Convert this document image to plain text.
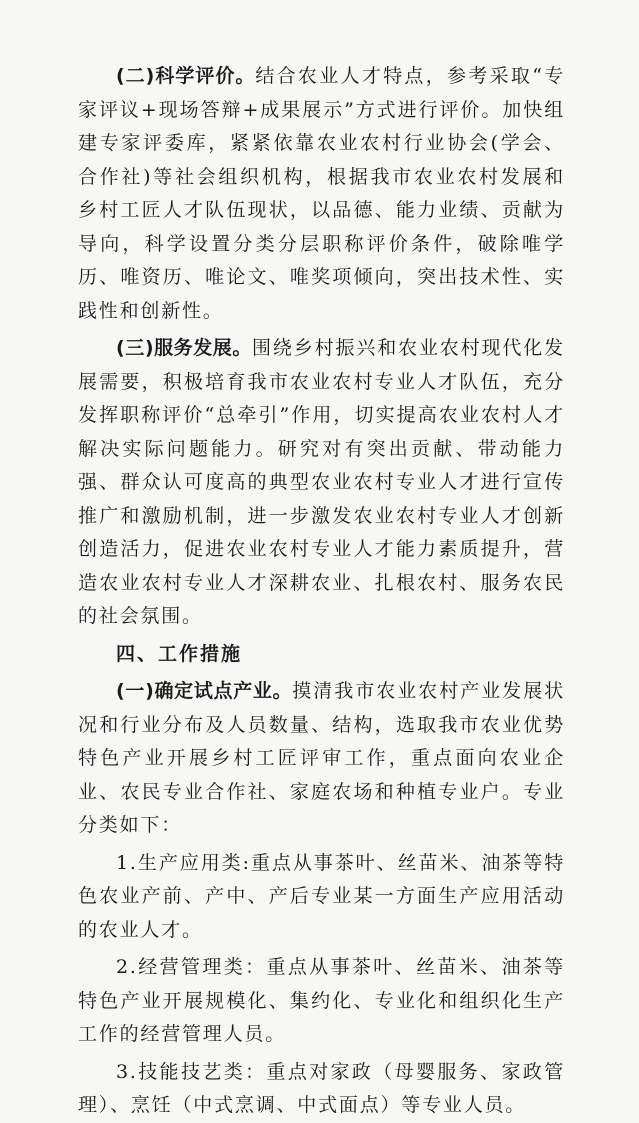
(二)科学评价。结合农业人才特点，参考采取“专家评议+现场答辩+成果展示”方式进行评价。加快组建专家评委库，紧紧依靠农业农村行业协会(学会、合作社)等社会组织机构，根据我市农业农村发展和乡村工匠人才队伍现状，以品德、能力业绩、贡献为导向，科学设置分类分层职称评价条件，破除唯学历、唯资历、唯论文、唯奖项倾向，突出技术性、实践性和创新性。

(三)服务发展。围绕乡村振兴和农业农村现代化发展需要，积极培育我市农业农村专业人才队伍，充分发挥职称评价“总牵引”作用，切实提高农业农村人才解决实际问题能力。研究对有突出贡献、带动能力强、群众认可度高的典型农业农村专业人才进行宣传推广和激励机制，进一步激发农业农村专业人才创新创造活力，促进农业农村专业人才能力素质提升，营造农业农村专业人才深耕农业、扎根农村、服务农民的社会氛围。

四、工作措施

(一)确定试点产业。摸清我市农业农村产业发展状况和行业分布及人员数量、结构，选取我市农业优势特色产业开展乡村工匠评审工作，重点面向农业企业、农民专业合作社、家庭农场和种植专业户。专业分类如下：

1.生产应用类:重点从事茶叶、丝苗米、油茶等特色农业产前、产中、产后专业某一方面生产应用活动的农业人才。

2.经营管理类：重点从事茶叶、丝苗米、油茶等特色产业开展规模化、集约化、专业化和组织化生产工作的经营管理人员。

3.技能技艺类：重点对家政（母婴服务、家政管理）、烹饪（中式烹调、中式面点）等专业人员。
